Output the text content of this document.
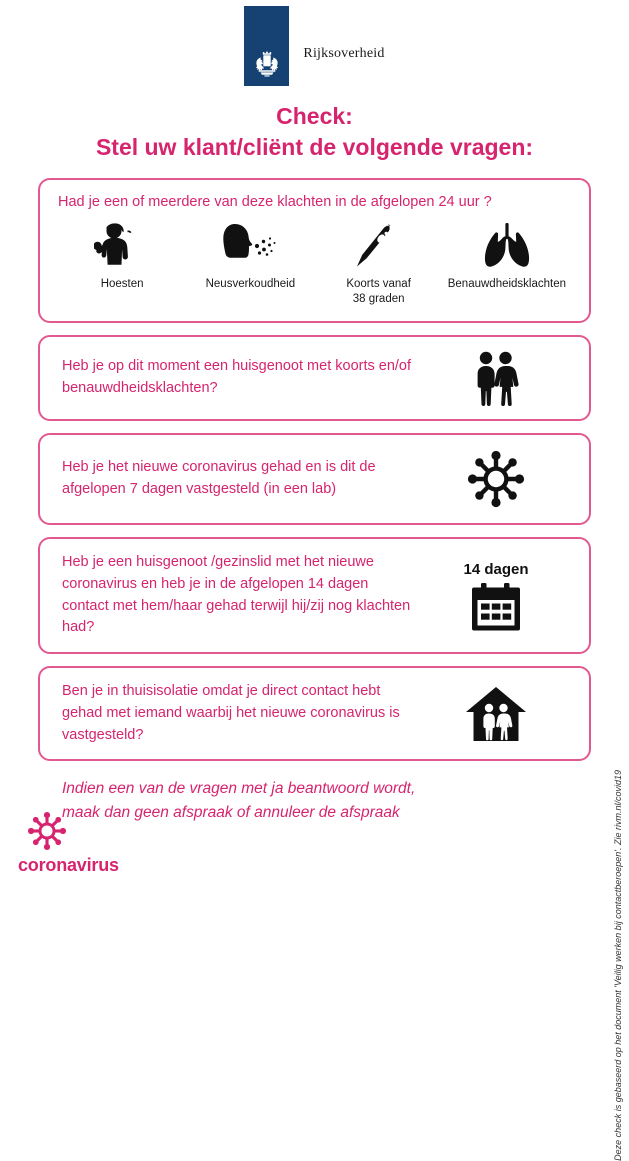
Rijksoverheid
Check:
Stel uw klant/cliënt de volgende vragen:
Had je een of meerdere van deze klachten in de afgelopen 24 uur ?
Hoesten	Neusverkoudheid	Koorts vanaf
38 graden
Benauwdheidsklachten
Heb je op dit moment een huisgenoot met koorts en/of benauwdheidsklachten?
Heb je het nieuwe coronavirus gehad en is dit de afgelopen 7 dagen vastgesteld (in een lab)
Heb je een huisgenoot /gezinslid met het nieuwe coronavirus en heb je in de afgelopen 14 dagen contact met hem/haar gehad terwijl hij/zij nog klachten had?
14 dagen
Ben je in thuisisolatie omdat je direct contact hebt gehad met iemand waarbij het nieuwe coronavirus is vastgesteld?
Indien een van de vragen met ja beantwoord wordt,
maak dan geen afspraak of annuleer de afspraak
coronavirus	Deze check is gebaseerd op het document 'Veilig werken bij contactberoepen'. Zie rivm.nl/covid19
